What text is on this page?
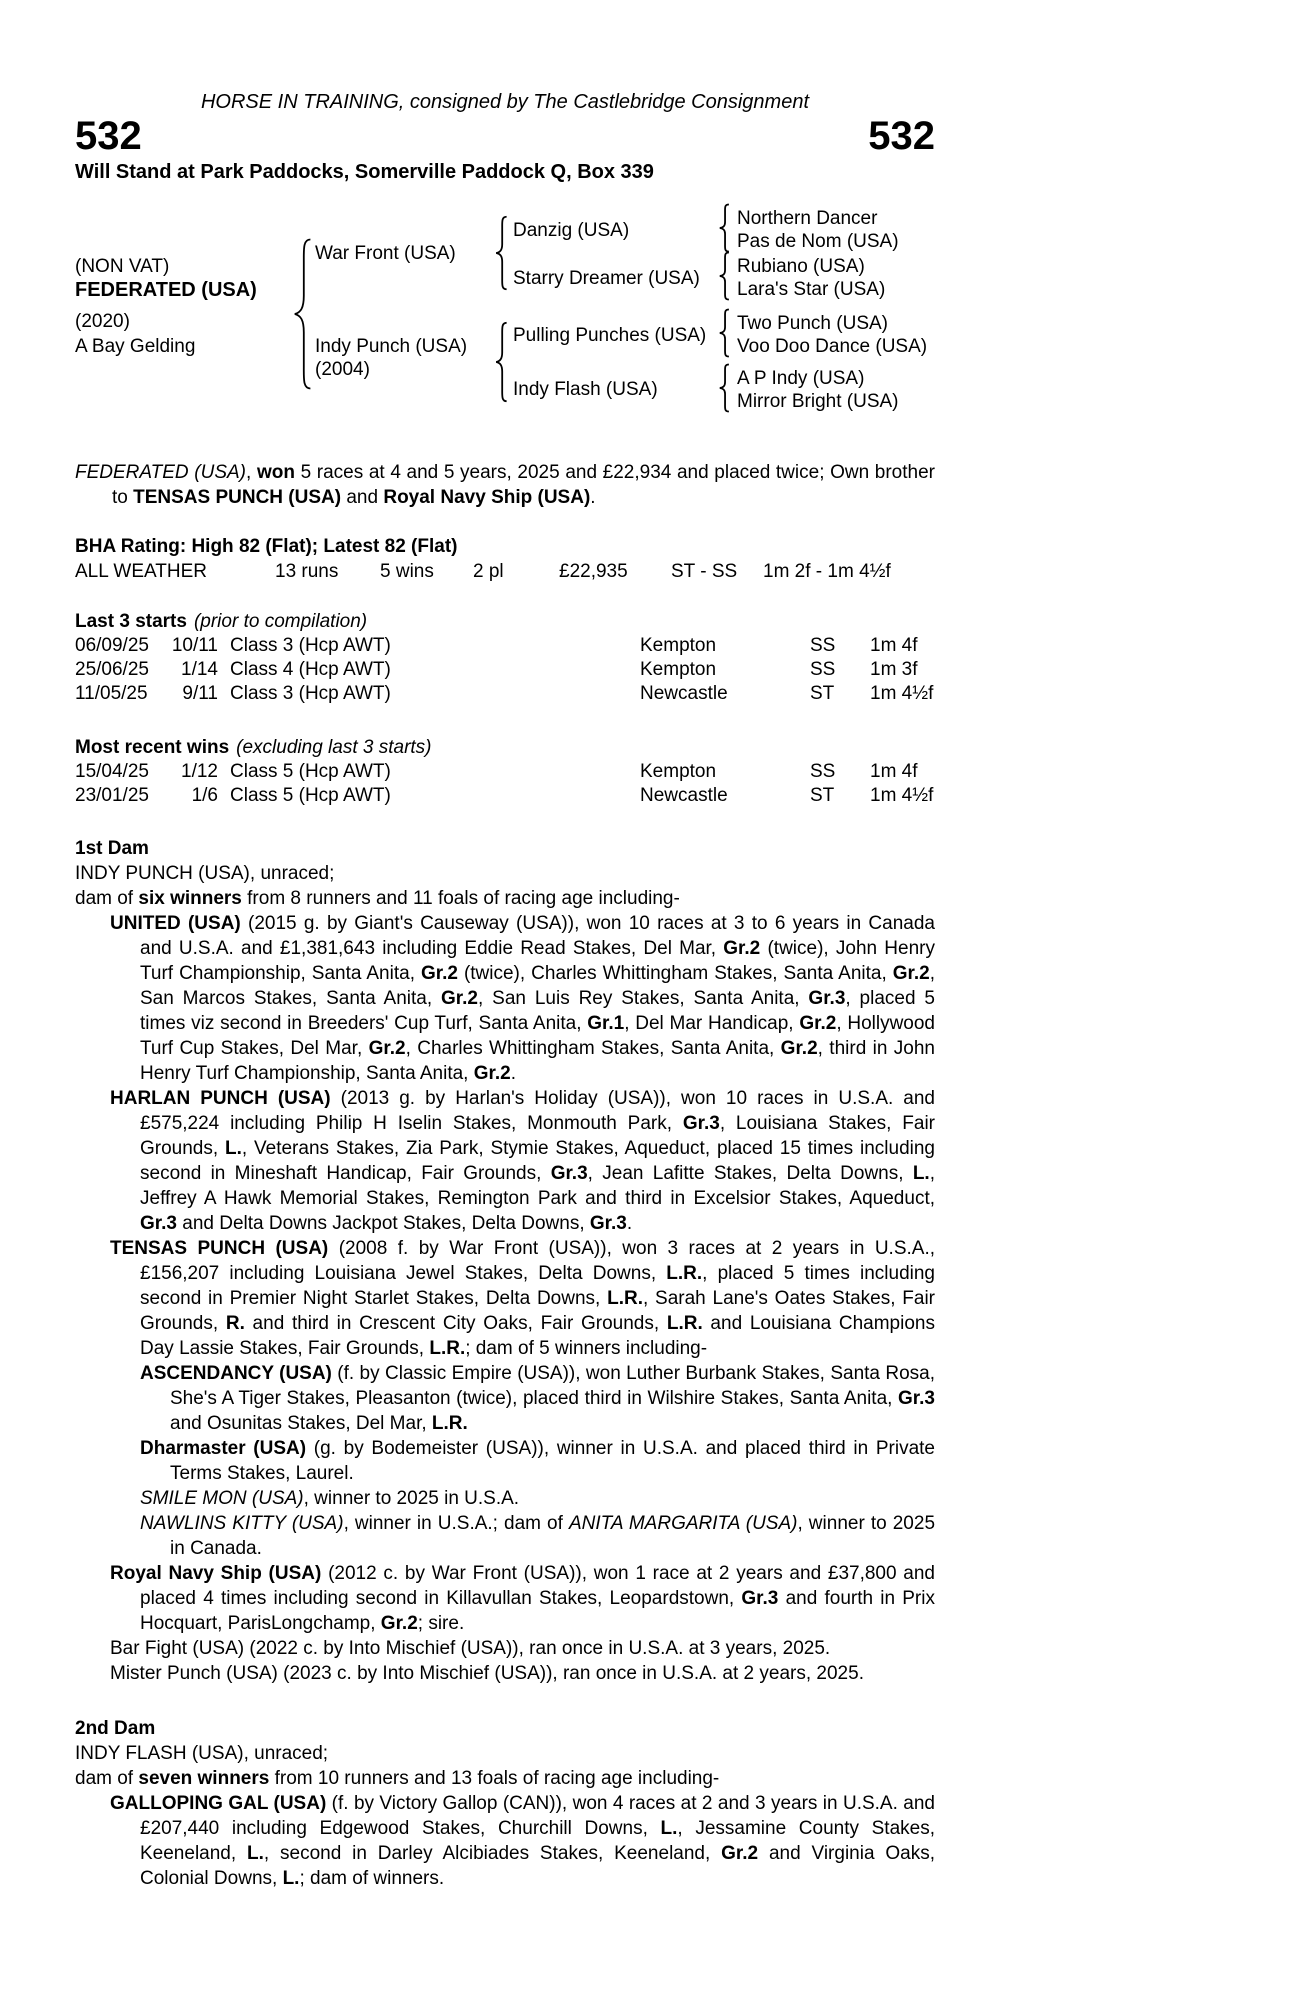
HORSE IN TRAINING, consigned by The Castlebridge Consignment
532	532
Will Stand at Park Paddocks, Somerville Paddock Q, Box 339
(NON VAT)
FEDERATED (USA)
(2020)
A Bay Gelding
War Front (USA)
Indy Punch (USA)
(2004)
Danzig (USA)
Starry Dreamer (USA)
Pulling Punches (USA)
Indy Flash (USA)
Northern Dancer
Pas de Nom (USA)
Rubiano (USA)
Lara's Star (USA)
Two Punch (USA)
Voo Doo Dance (USA)
A P Indy (USA)
Mirror Bright (USA)
FEDERATED (USA), won 5 races at 4 and 5 years, 2025 and £22,934 and placed twice; Own brother to TENSAS PUNCH (USA) and Royal Navy Ship (USA).
BHA Rating: High 82 (Flat); Latest 82 (Flat)
ALL WEATHER	13 runs 5 wins 2 pl	£22,935 ST - SS 1m 2f - 1m 4½f
Last 3 starts (prior to compilation)
06/09/25	10/11 Class 3 (Hcp AWT)	Kempton	SS 1m 4f
25/06/25	1/14 Class 4 (Hcp AWT)	Kempton	SS 1m 3f
11/05/25	9/11 Class 3 (Hcp AWT)	Newcastle	ST 1m 4½f
Most recent wins (excluding last 3 starts)
15/04/25	1/12 Class 5 (Hcp AWT)	Kempton	SS 1m 4f
23/01/25	1/6 Class 5 (Hcp AWT)	Newcastle	ST 1m 4½f
1st Dam
INDY PUNCH (USA), unraced;
dam of six winners from 8 runners and 11 foals of racing age including-
UNITED (USA) (2015 g. by Giant's Causeway (USA)), won 10 races at 3 to 6 years in Canada and U.S.A. and £1,381,643 including Eddie Read Stakes, Del Mar, Gr.2 (twice), John Henry Turf Championship, Santa Anita, Gr.2 (twice), Charles Whittingham Stakes, Santa Anita, Gr.2, San Marcos Stakes, Santa Anita, Gr.2, San Luis Rey Stakes, Santa Anita, Gr.3, placed 5 times viz second in Breeders' Cup Turf, Santa Anita, Gr.1, Del Mar Handicap, Gr.2, Hollywood Turf Cup Stakes, Del Mar, Gr.2, Charles Whittingham Stakes, Santa Anita, Gr.2, third in John Henry Turf Championship, Santa Anita, Gr.2.
HARLAN PUNCH (USA) (2013 g. by Harlan's Holiday (USA)), won 10 races in U.S.A. and £575,224 including Philip H Iselin Stakes, Monmouth Park, Gr.3, Louisiana Stakes, Fair Grounds, L., Veterans Stakes, Zia Park, Stymie Stakes, Aqueduct, placed 15 times including second in Mineshaft Handicap, Fair Grounds, Gr.3, Jean Lafitte Stakes, Delta Downs, L., Jeffrey A Hawk Memorial Stakes, Remington Park and third in Excelsior Stakes, Aqueduct, Gr.3 and Delta Downs Jackpot Stakes, Delta Downs, Gr.3.
TENSAS PUNCH (USA) (2008 f. by War Front (USA)), won 3 races at 2 years in U.S.A., £156,207 including Louisiana Jewel Stakes, Delta Downs, L.R., placed 5 times including second in Premier Night Starlet Stakes, Delta Downs, L.R., Sarah Lane's Oates Stakes, Fair Grounds, R. and third in Crescent City Oaks, Fair Grounds, L.R. and Louisiana Champions Day Lassie Stakes, Fair Grounds, L.R.; dam of 5 winners including-
ASCENDANCY (USA) (f. by Classic Empire (USA)), won Luther Burbank Stakes, Santa Rosa, She's A Tiger Stakes, Pleasanton (twice), placed third in Wilshire Stakes, Santa Anita, Gr.3 and Osunitas Stakes, Del Mar, L.R.
Dharmaster (USA) (g. by Bodemeister (USA)), winner in U.S.A. and placed third in Private Terms Stakes, Laurel.
SMILE MON (USA), winner to 2025 in U.S.A.
NAWLINS KITTY (USA), winner in U.S.A.; dam of ANITA MARGARITA (USA), winner to 2025 in Canada.
Royal Navy Ship (USA) (2012 c. by War Front (USA)), won 1 race at 2 years and £37,800 and placed 4 times including second in Killavullan Stakes, Leopardstown, Gr.3 and fourth in Prix Hocquart, ParisLongchamp, Gr.2; sire.
Bar Fight (USA) (2022 c. by Into Mischief (USA)), ran once in U.S.A. at 3 years, 2025.
Mister Punch (USA) (2023 c. by Into Mischief (USA)), ran once in U.S.A. at 2 years, 2025.
2nd Dam
INDY FLASH (USA), unraced;
dam of seven winners from 10 runners and 13 foals of racing age including-
GALLOPING GAL (USA) (f. by Victory Gallop (CAN)), won 4 races at 2 and 3 years in U.S.A. and £207,440 including Edgewood Stakes, Churchill Downs, L., Jessamine County Stakes, Keeneland, L., second in Darley Alcibiades Stakes, Keeneland, Gr.2 and Virginia Oaks, Colonial Downs, L.; dam of winners.
